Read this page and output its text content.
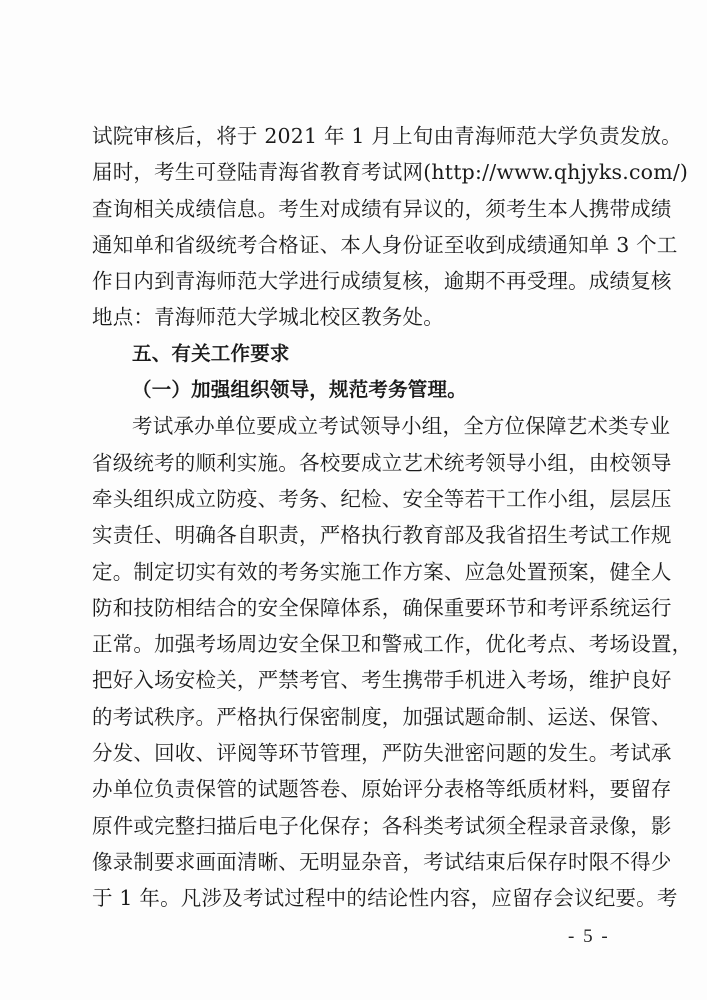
试院审核后，将于 2021 年 1 月上旬由青海师范大学负责发放。
届时，考生可登陆青海省教育考试网(http://www.qhjyks.com/)
查询相关成绩信息。考生对成绩有异议的，须考生本人携带成绩
通知单和省级统考合格证、本人身份证至收到成绩通知单 3 个工
作日内到青海师范大学进行成绩复核，逾期不再受理。成绩复核
地点：青海师范大学城北校区教务处。
五、有关工作要求
（一）加强组织领导，规范考务管理。
考试承办单位要成立考试领导小组，全方位保障艺术类专业
省级统考的顺利实施。各校要成立艺术统考领导小组，由校领导
牵头组织成立防疫、考务、纪检、安全等若干工作小组，层层压
实责任、明确各自职责，严格执行教育部及我省招生考试工作规
定。制定切实有效的考务实施工作方案、应急处置预案，健全人
防和技防相结合的安全保障体系，确保重要环节和考评系统运行
正常。加强考场周边安全保卫和警戒工作，优化考点、考场设置，
把好入场安检关，严禁考官、考生携带手机进入考场，维护良好
的考试秩序。严格执行保密制度，加强试题命制、运送、保管、
分发、回收、评阅等环节管理，严防失泄密问题的发生。考试承
办单位负责保管的试题答卷、原始评分表格等纸质材料，要留存
原件或完整扫描后电子化保存；各科类考试须全程录音录像，影
像录制要求画面清晰、无明显杂音，考试结束后保存时限不得少
于 1 年。凡涉及考试过程中的结论性内容，应留存会议纪要。考
- 5 -
